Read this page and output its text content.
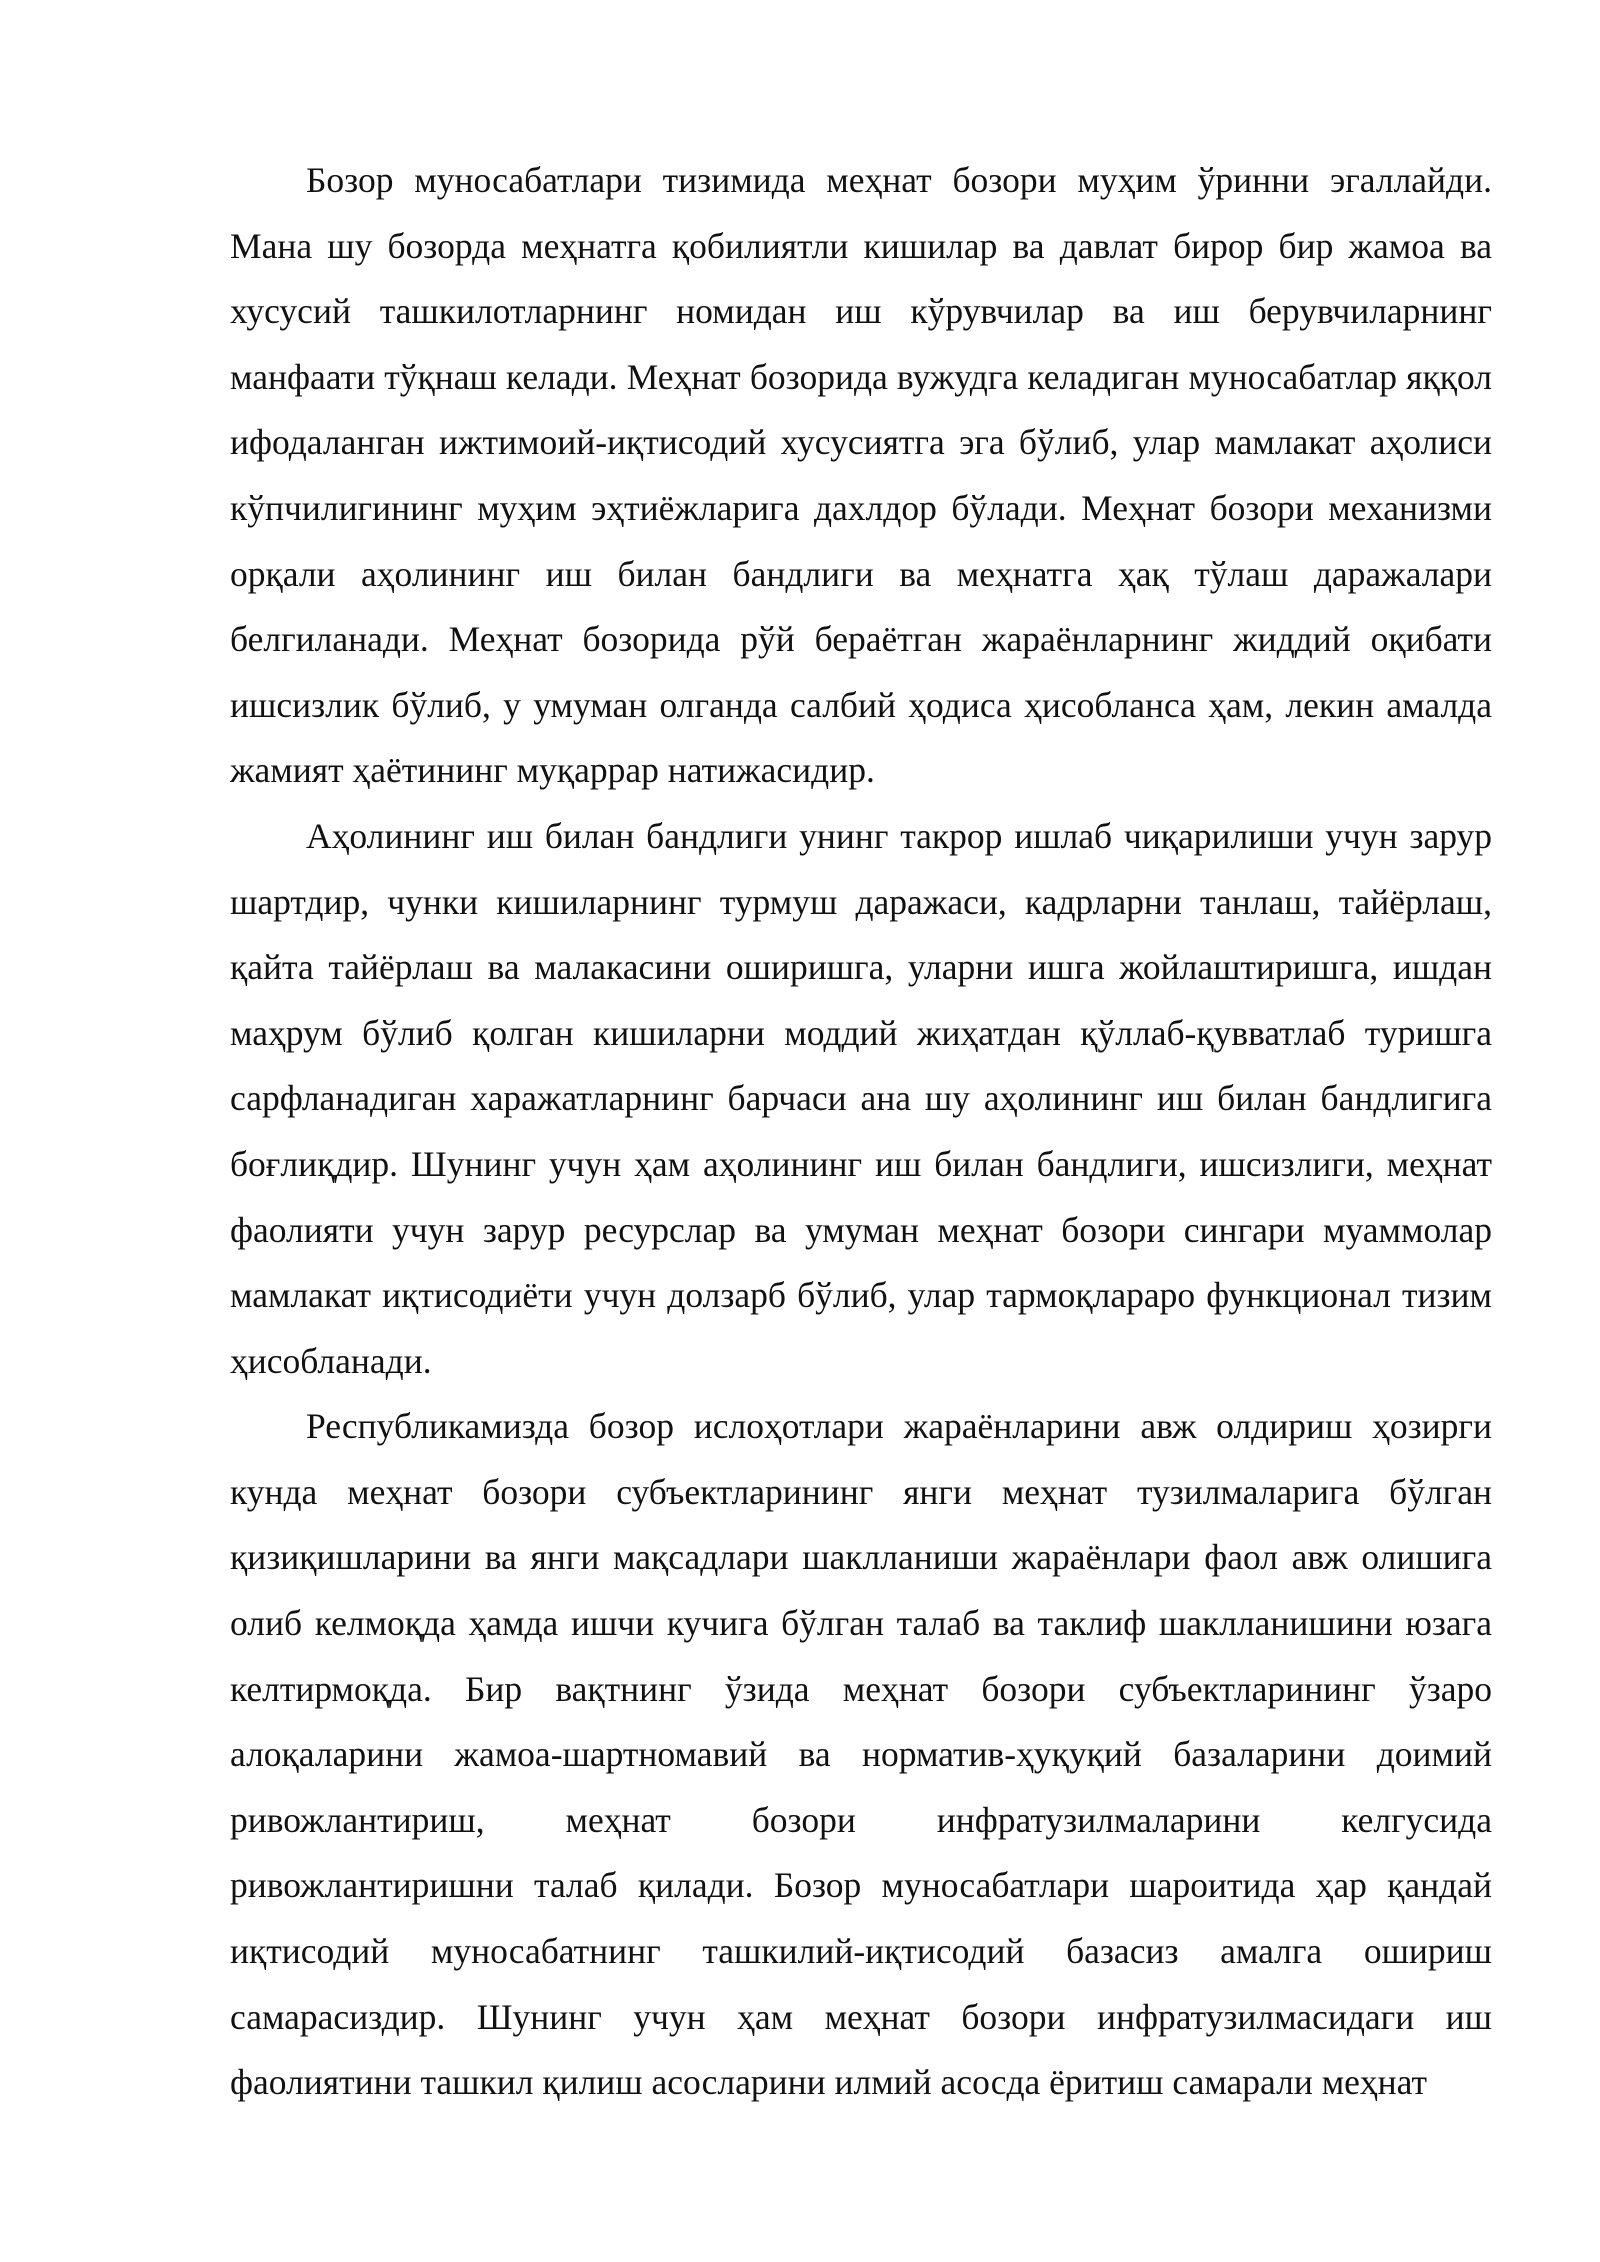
Бозор муносабатлари тизимида меҳнат бозори муҳим ўринни эгаллайди. Мана шу бозорда меҳнатга қобилиятли кишилар ва давлат бирор бир жамоа ва хусусий ташкилотларнинг номидан иш кўрувчилар ва иш берувчиларнинг манфаати тўқнаш келади. Меҳнат бозорида вужудга келадиган муносабатлар яққол ифодаланган ижтимоий-иқтисодий хусусиятга эга бўлиб, улар мамлакат аҳолиси кўпчилигининг муҳим эҳтиёжларига дахлдор бўлади. Меҳнат бозори механизми орқали аҳолининг иш билан бандлиги ва меҳнатга ҳақ тўлаш даражалари белгиланади. Меҳнат бозорида рўй бераётган жараёнларнинг жиддий оқибати ишсизлик бўлиб, у умуман олганда салбий ҳодиса ҳисобланса ҳам, лекин амалда жамият ҳаётининг муқаррар натижасидир.

Аҳолининг иш билан бандлиги унинг такрор ишлаб чиқарилиши учун зарур шартдир, чунки кишиларнинг турмуш даражаси, кадрларни танлаш, тайёрлаш, қайта тайёрлаш ва малакасини оширишга, уларни ишга жойлаштиришга, ишдан маҳрум бўлиб қолган кишиларни моддий жиҳатдан қўллаб-қувватлаб туришга сарфланадиган харажатларнинг барчаси ана шу аҳолининг иш билан бандлигига боғлиқдир. Шунинг учун ҳам аҳолининг иш билан бандлиги, ишсизлиги, меҳнат фаолияти учун зарур ресурслар ва умуман меҳнат бозори сингари муаммолар мамлакат иқтисодиёти учун долзарб бўлиб, улар тармоқлараро функционал тизим ҳисобланади.

Республикамизда бозор ислоҳотлари жараёнларини авж олдириш ҳозирги кунда меҳнат бозори субъектларининг янги меҳнат тузилмаларига бўлган қизиқишларини ва янги мақсадлари шаклланиши жараёнлари фаол авж олишига олиб келмоқда ҳамда ишчи кучига бўлган талаб ва таклиф шаклланишини юзага келтирмоқда. Бир вақтнинг ўзида меҳнат бозори субъектларининг ўзаро алоқаларини жамоа-шартномавий ва норматив-ҳуқуқий базаларини доимий ривожлантириш, меҳнат бозори инфратузилмаларини келгусида ривожлантиришни талаб қилади. Бозор муносабатлари шароитида ҳар қандай иқтисодий муносабатнинг ташкилий-иқтисодий базасиз амалга ошириш самарасиздир. Шунинг учун ҳам меҳнат бозори инфратузилмасидаги иш фаолиятини ташкил қилиш асосларини илмий асосда ёритиш самарали меҳнат
